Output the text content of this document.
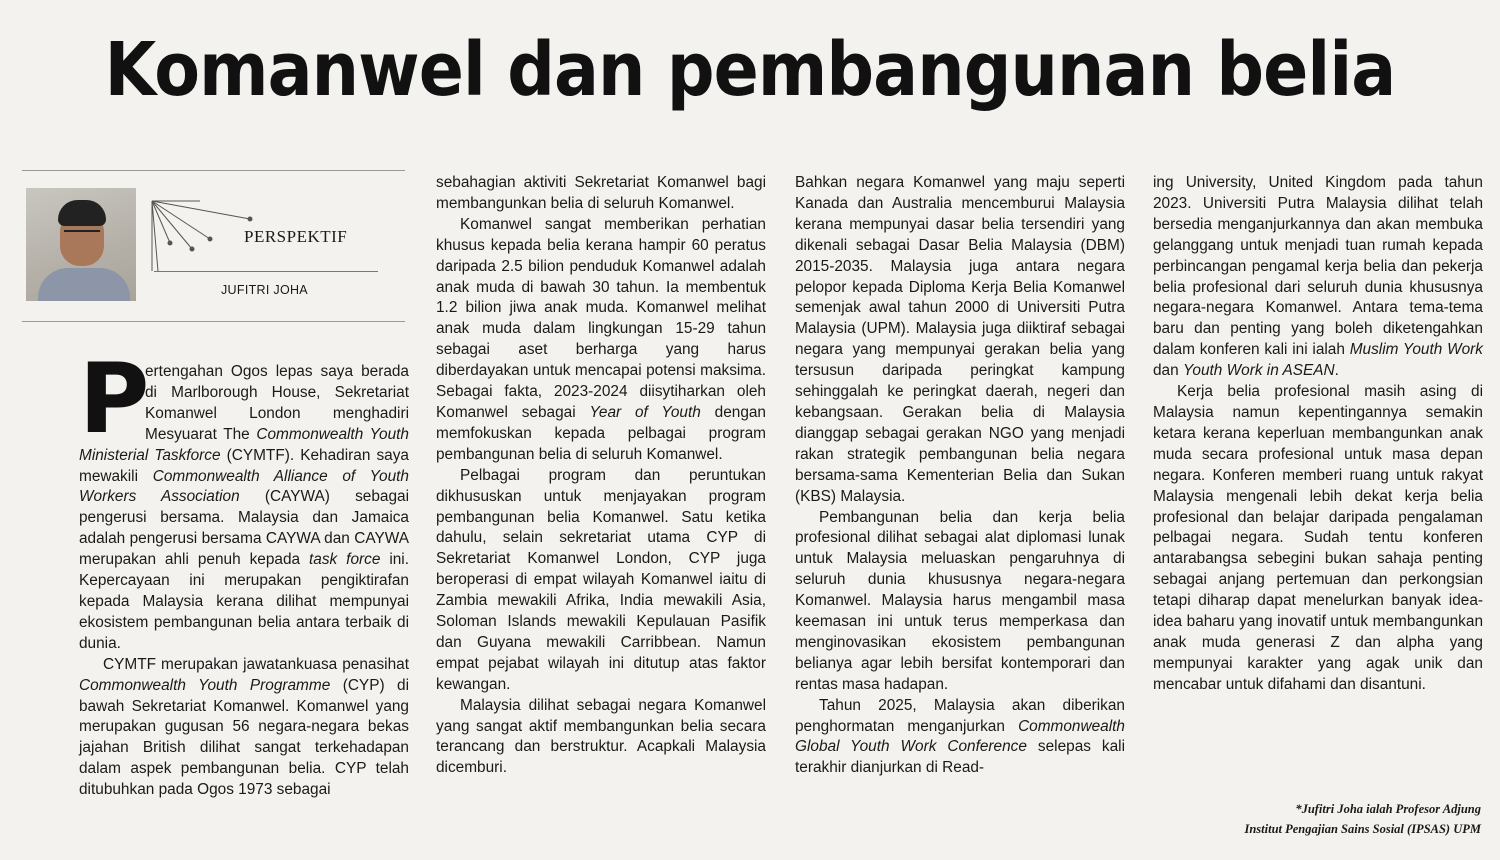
Komanwel dan pembangunan belia
PERSPEKTIF
JUFITRI JOHA
P

ertengahan Ogos lepas saya berada di Marlborough House, Sekretariat Komanwel London menghadiri Mesyuarat The Commonwealth Youth Ministerial Taskforce (CYMTF). Kehadiran saya mewakili Commonwealth Alliance of Youth Workers Association (CAYWA) sebagai pengerusi bersama. Malaysia dan Jamaica adalah pengerusi bersama CAYWA dan CAYWA merupakan ahli penuh kepada task force ini. Kepercayaan ini merupakan pengiktirafan kepada Malaysia kerana dilihat mempunyai ekosistem pembangunan belia antara terbaik di dunia.

CYMTF merupakan jawatankuasa penasihat Commonwealth Youth Programme (CYP) di bawah Sekretariat Komanwel. Komanwel yang merupakan gugusan 56 negara-negara bekas jajahan British dilihat sangat terkehadapan dalam aspek pembangunan belia. CYP telah ditubuhkan pada Ogos 1973 sebagai

sebahagian aktiviti Sekretariat Komanwel bagi membangunkan belia di seluruh Komanwel.

Komanwel sangat memberikan perhatian khusus kepada belia kerana hampir 60 peratus daripada 2.5 bilion penduduk Komanwel adalah anak muda di bawah 30 tahun. Ia membentuk 1.2 bilion jiwa anak muda. Komanwel melihat anak muda dalam lingkungan 15-29 tahun sebagai aset berharga yang harus diberdayakan untuk mencapai potensi maksima. Sebagai fakta, 2023-2024 diisytiharkan oleh Komanwel sebagai Year of Youth dengan memfokuskan kepada pelbagai program pembangunan belia di seluruh Komanwel.

Pelbagai program dan peruntukan dikhususkan untuk menjayakan program pembangunan belia Komanwel. Satu ketika dahulu, selain sekretariat utama CYP di Sekretariat Komanwel London, CYP juga beroperasi di empat wilayah Komanwel iaitu di Zambia mewakili Afrika, India mewakili Asia, Soloman Islands mewakili Kepulauan Pasifik dan Guyana mewakili Carribbean. Namun empat pejabat wilayah ini ditutup atas faktor kewangan.

Malaysia dilihat sebagai negara Komanwel yang sangat aktif membangunkan belia secara terancang dan berstruktur. Acapkali Malaysia dicemburi.

Bahkan negara Komanwel yang maju seperti Kanada dan Australia mencemburui Malaysia kerana mempunyai dasar belia tersendiri yang dikenali sebagai Dasar Belia Malaysia (DBM) 2015-2035. Malaysia juga antara negara pelopor kepada Diploma Kerja Belia Komanwel semenjak awal tahun 2000 di Universiti Putra Malaysia (UPM). Malaysia juga diiktiraf sebagai negara yang mempunyai gerakan belia yang tersusun daripada peringkat kampung sehinggalah ke peringkat daerah, negeri dan kebangsaan. Gerakan belia di Malaysia dianggap sebagai gerakan NGO yang menjadi rakan strategik pembangunan belia negara bersama-sama Kementerian Belia dan Sukan (KBS) Malaysia.

Pembangunan belia dan kerja belia profesional dilihat sebagai alat diplomasi lunak untuk Malaysia meluaskan pengaruhnya di seluruh dunia khususnya negara-negara Komanwel. Malaysia harus mengambil masa keemasan ini untuk terus memperkasa dan menginovasikan ekosistem pembangunan belianya agar lebih bersifat kontemporari dan rentas masa hadapan.

Tahun 2025, Malaysia akan diberikan penghormatan menganjurkan Commonwealth Global Youth Work Conference selepas kali terakhir dianjurkan di Read-

ing University, United Kingdom pada tahun 2023. Universiti Putra Malaysia dilihat telah bersedia menganjurkannya dan akan membuka gelanggang untuk menjadi tuan rumah kepada perbincangan pengamal kerja belia dan pekerja belia profesional dari seluruh dunia khususnya negara-negara Komanwel. Antara tema-tema baru dan penting yang boleh diketengahkan dalam konferen kali ini ialah Muslim Youth Work dan Youth Work in ASEAN.

Kerja belia profesional masih asing di Malaysia namun kepentingannya semakin ketara kerana keperluan membangunkan anak muda secara profesional untuk masa depan negara. Konferen memberi ruang untuk rakyat Malaysia mengenali lebih dekat kerja belia profesional dan belajar daripada pengalaman pelbagai negara. Sudah tentu konferen antarabangsa sebegini bukan sahaja penting sebagai anjang pertemuan dan perkongsian tetapi diharap dapat menelurkan banyak idea-idea baharu yang inovatif untuk membangunkan anak muda generasi Z dan alpha yang mempunyai karakter yang agak unik dan mencabar untuk difahami dan disantuni.

*Jufitri Joha ialah Profesor Adjung
Institut Pengajian Sains Sosial (IPSAS) UPM
